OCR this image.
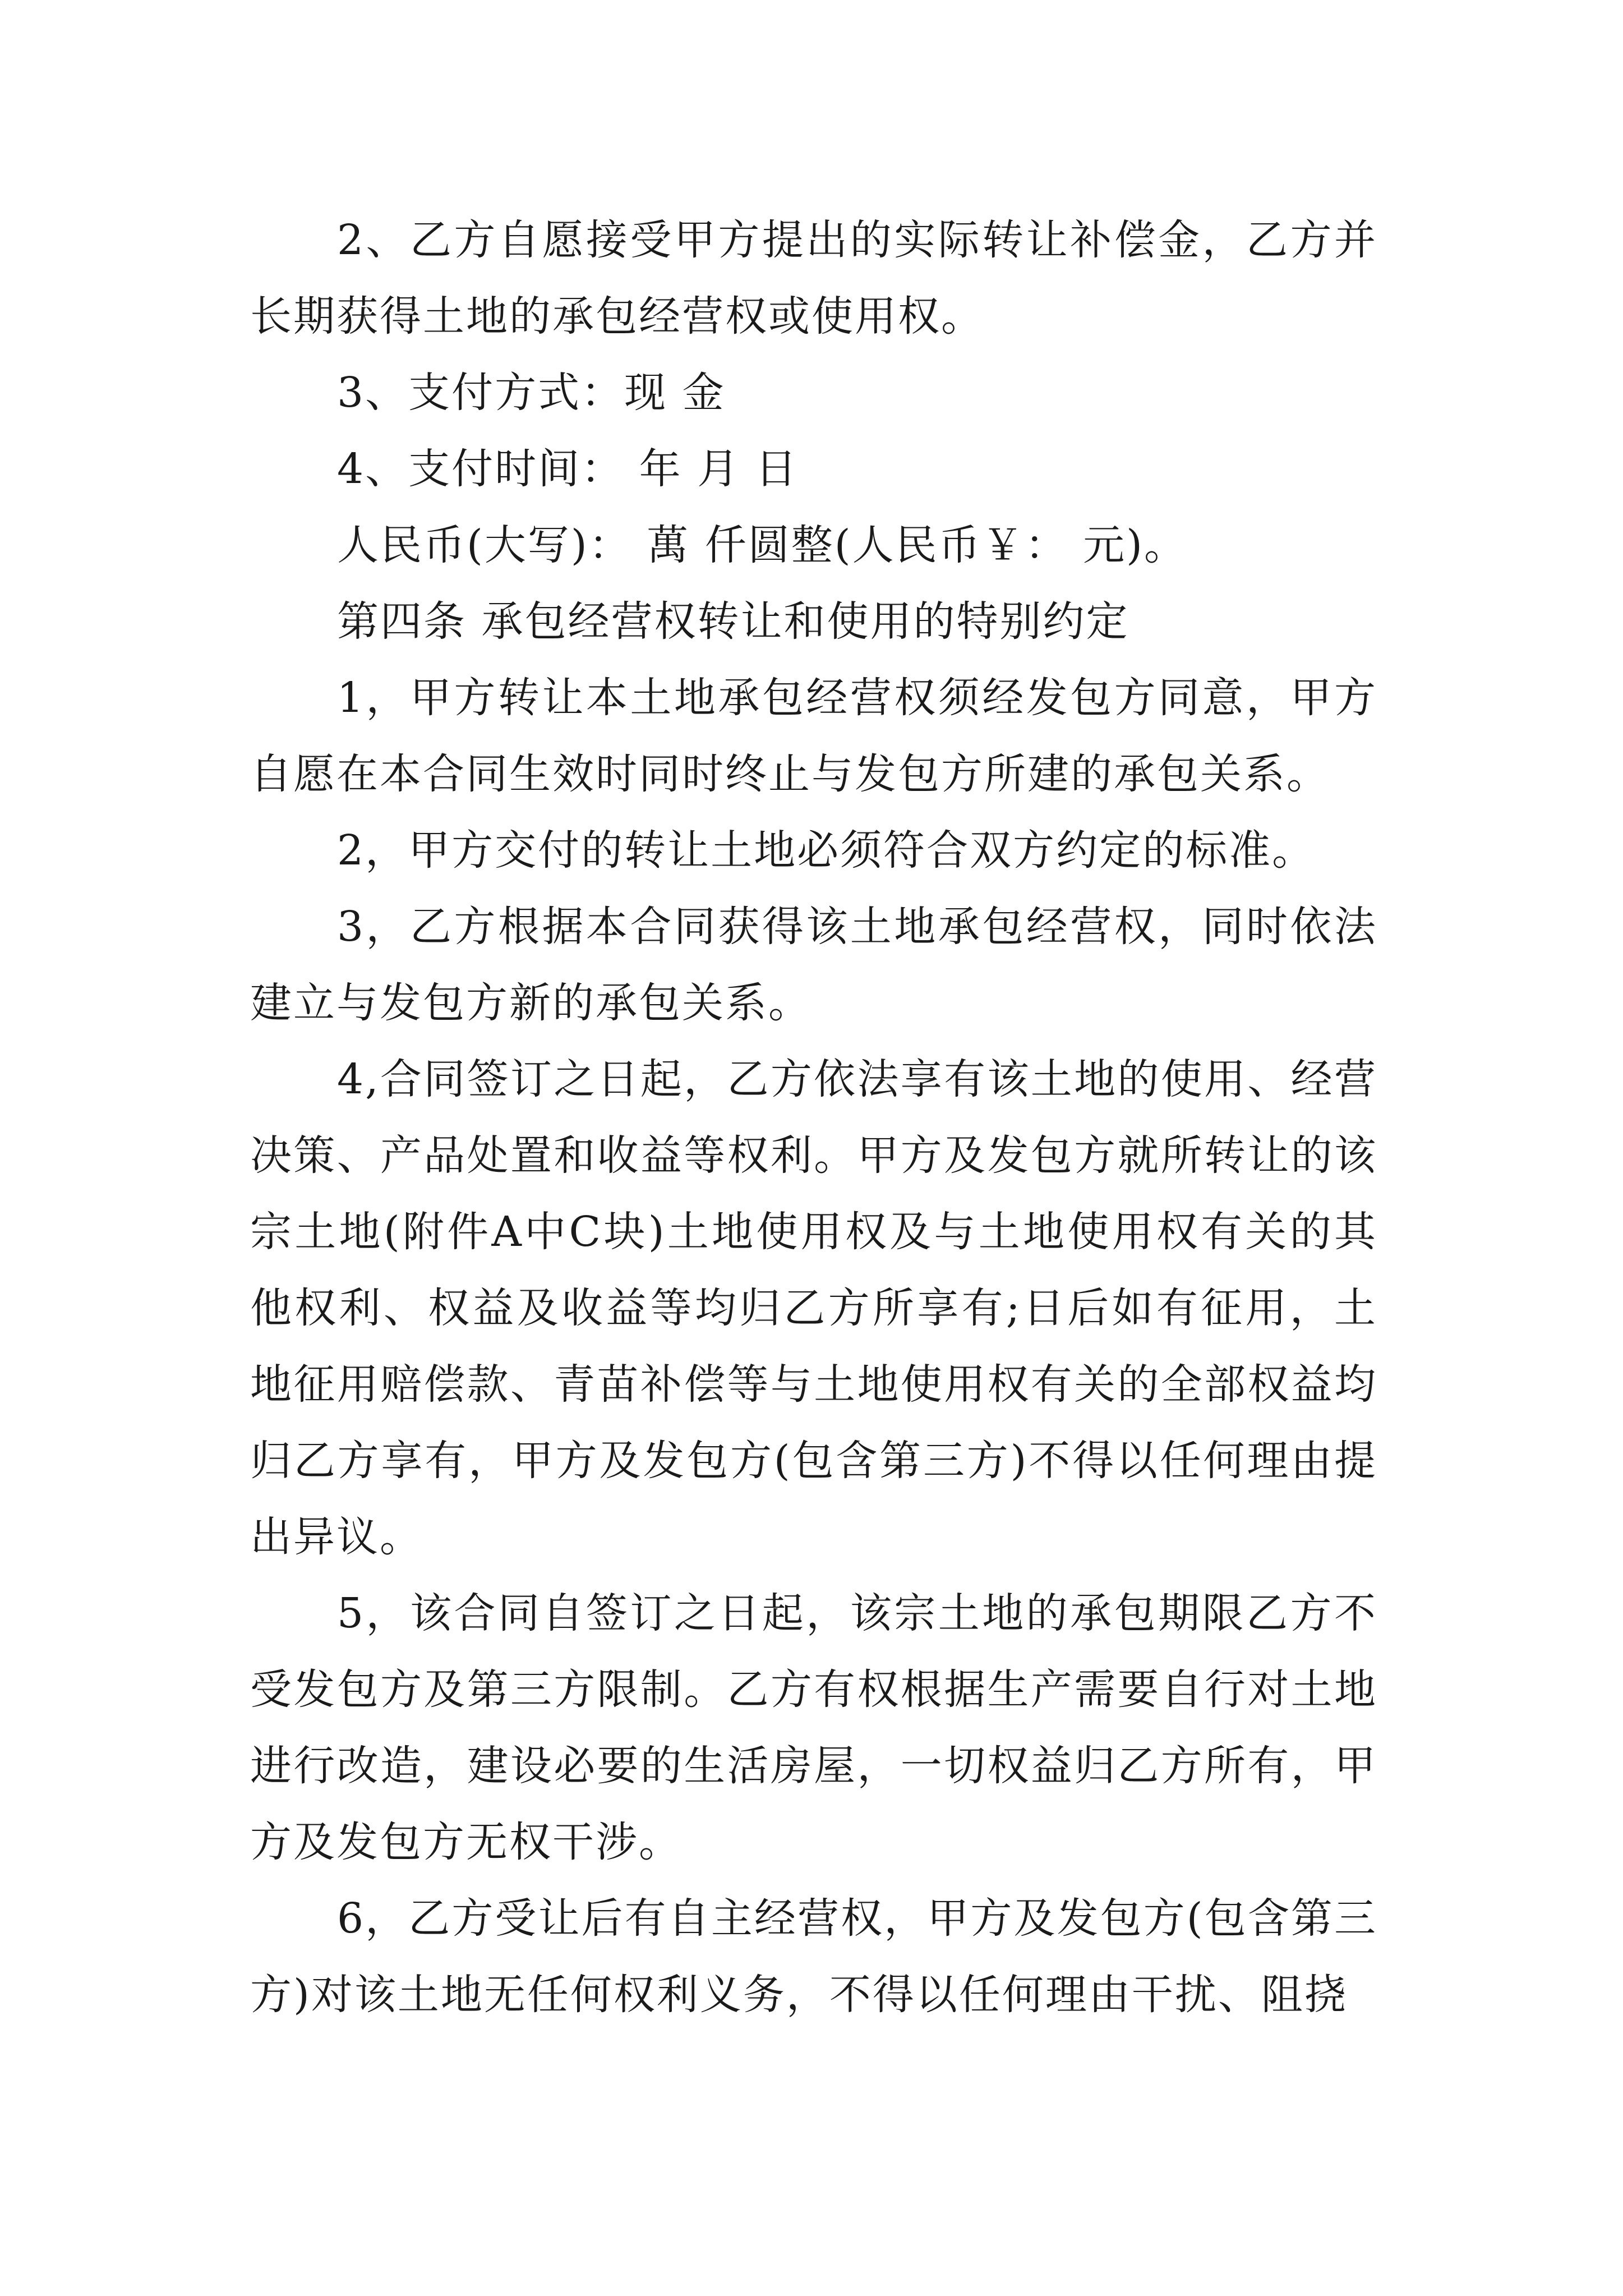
2、乙方自愿接受甲方提出的实际转让补偿金，乙方并长期获得土地的承包经营权或使用权。

3、支付方式：现 金

4、支付时间： 年 月 日

人民币(大写)： 萬 仟圆整(人民币￥： 元)。

第四条 承包经营权转让和使用的特别约定

1，甲方转让本土地承包经营权须经发包方同意，甲方自愿在本合同生效时同时终止与发包方所建的承包关系。

2，甲方交付的转让土地必须符合双方约定的标准。

3，乙方根据本合同获得该土地承包经营权，同时依法建立与发包方新的承包关系。

4,合同签订之日起，乙方依法享有该土地的使用、经营决策、产品处置和收益等权利。甲方及发包方就所转让的该宗土地(附件A中C块)土地使用权及与土地使用权有关的其他权利、权益及收益等均归乙方所享有;日后如有征用，土地征用赔偿款、青苗补偿等与土地使用权有关的全部权益均归乙方享有，甲方及发包方(包含第三方)不得以任何理由提出异议。

5，该合同自签订之日起，该宗土地的承包期限乙方不受发包方及第三方限制。乙方有权根据生产需要自行对土地进行改造，建设必要的生活房屋，一切权益归乙方所有，甲方及发包方无权干涉。

6，乙方受让后有自主经营权，甲方及发包方(包含第三方)对该土地无任何权利义务，不得以任何理由干扰、阻挠
